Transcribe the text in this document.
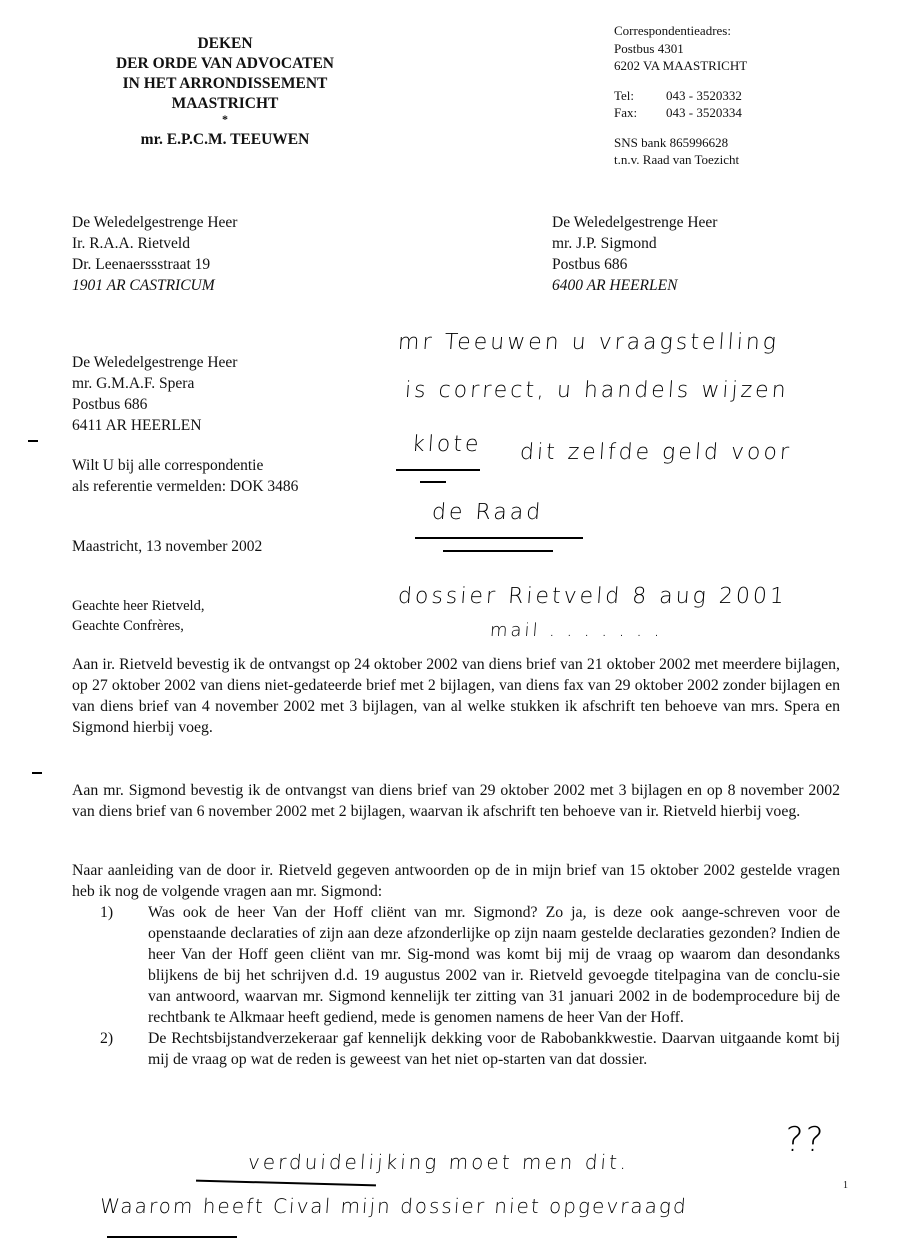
DEKEN
DER ORDE VAN ADVOCATEN
IN HET ARRONDISSEMENT
MAASTRICHT
*
mr. E.P.C.M. TEEUWEN
Correspondentieadres:
Postbus 4301
6202 VA MAASTRICHT
Tel: 043 - 3520332
Fax: 043 - 3520334
SNS bank 865996628
t.n.v. Raad van Toezicht
De Weledelgestrenge Heer
Ir. R.A.A. Rietveld
Dr. Leenaerssstraat 19
1901 AR CASTRICUM
De Weledelgestrenge Heer
mr. J.P. Sigmond
Postbus 686
6400 AR HEERLEN
De Weledelgestrenge Heer
mr. G.M.A.F. Spera
Postbus 686
6411 AR HEERLEN
Wilt U bij alle correspondentie
als referentie vermelden: DOK 3486
Maastricht, 13 november 2002
Geachte heer Rietveld,
Geachte Confrères,
Aan ir. Rietveld bevestig ik de ontvangst op 24 oktober 2002 van diens brief van 21 oktober 2002 met meerdere bijlagen, op 27 oktober 2002 van diens niet-gedateerde brief met 2 bijlagen, van diens fax van 29 oktober 2002 zonder bijlagen en van diens brief van 4 november 2002 met 3 bijlagen, van al welke stukken ik afschrift ten behoeve van mrs. Spera en Sigmond hierbij voeg.
Aan mr. Sigmond bevestig ik de ontvangst van diens brief van 29 oktober 2002 met 3 bijlagen en op 8 november 2002 van diens brief van 6 november 2002 met 2 bijlagen, waarvan ik afschrift ten behoeve van ir. Rietveld hierbij voeg.
Naar aanleiding van de door ir. Rietveld gegeven antwoorden op de in mijn brief van 15 oktober 2002 gestelde vragen heb ik nog de volgende vragen aan mr. Sigmond:
1)	Was ook de heer Van der Hoff cliënt van mr. Sigmond? Zo ja, is deze ook aange-schreven voor de openstaande declaraties of zijn aan deze afzonderlijke op zijn naam gestelde declaraties gezonden? Indien de heer Van der Hoff geen cliënt van mr. Sig-mond was komt bij mij de vraag op waarom dan desondanks blijkens de bij het schrijven d.d. 19 augustus 2002 van ir. Rietveld gevoegde titelpagina van de conclu-sie van antwoord, waarvan mr. Sigmond kennelijk ter zitting van 31 januari 2002 in de bodemprocedure bij de rechtbank te Alkmaar heeft gediend, mede is genomen namens de heer Van der Hoff.
2)	De Rechtsbijstandverzekeraar gaf kennelijk dekking voor de Rabobankkwestie. Daarvan uitgaande komt bij mij de vraag op wat de reden is geweest van het niet op-starten van dat dossier.
mr Teeuwen u vraagstelling
is correct, u handels wijzen
klote dit zelfde geld voor
de Raad
dossier Rietveld 8 aug 2001
mail . . . . . . .
verduidelijking moet men dit.
Waarom heeft Cival mijn dossier niet opgevraagd
??
1
